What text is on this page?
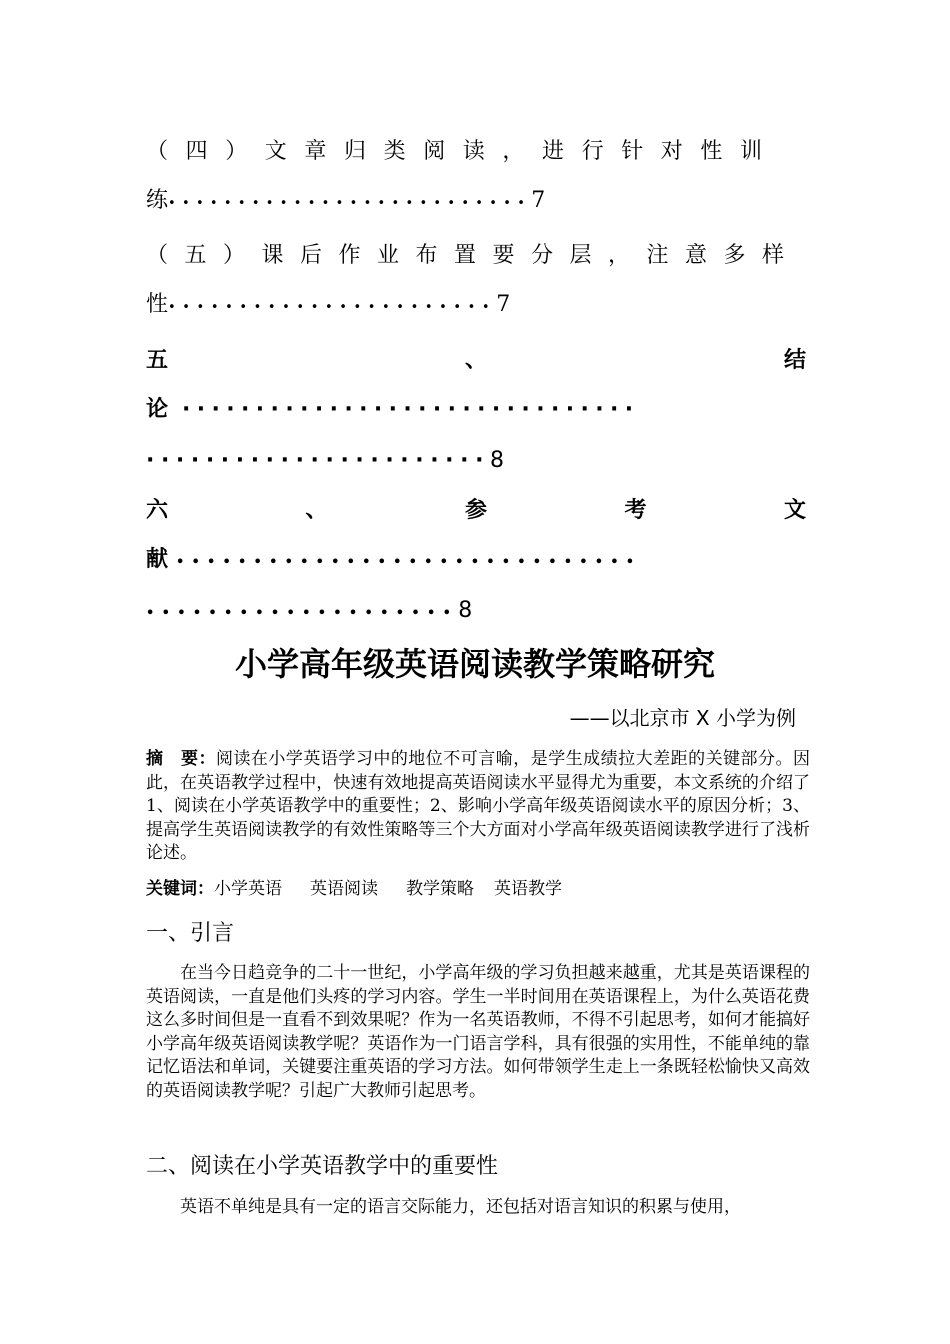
（四）文章归类阅读，进行针对性训
练••••••••••••••••••••••••••7
（五）课后作业布置要分层，注意多样
性•••••••••••••••••••••••7
五	、	结
论 ·······························
·······················8
六	、	参	考	文
献 ••••••••••••••••••••••••••••••
••••••••••••••••••••8
小学高年级英语阅读教学策略研究
——以北京市 X 小学为例
摘　要：阅读在小学英语学习中的地位不可言喻，是学生成绩拉大差距的关键部分。因此，在英语教学过程中，快速有效地提高英语阅读水平显得尤为重要，本文系统的介绍了 1、阅读在小学英语教学中的重要性；2、影响小学高年级英语阅读水平的原因分析；3、提高学生英语阅读教学的有效性策略等三个大方面对小学高年级英语阅读教学进行了浅析论述。
关键词：小学英语 英语阅读 教学策略 英语教学
一、引言
在当今日趋竞争的二十一世纪，小学高年级的学习负担越来越重，尤其是英语课程的英语阅读，一直是他们头疼的学习内容。学生一半时间用在英语课程上，为什么英语花费这么多时间但是一直看不到效果呢？作为一名英语教师，不得不引起思考，如何才能搞好小学高年级英语阅读教学呢？英语作为一门语言学科，具有很强的实用性，不能单纯的靠记忆语法和单词，关键要注重英语的学习方法。如何带领学生走上一条既轻松愉快又高效的英语阅读教学呢？引起广大教师引起思考。
二、阅读在小学英语教学中的重要性
英语不单纯是具有一定的语言交际能力，还包括对语言知识的积累与使用，
